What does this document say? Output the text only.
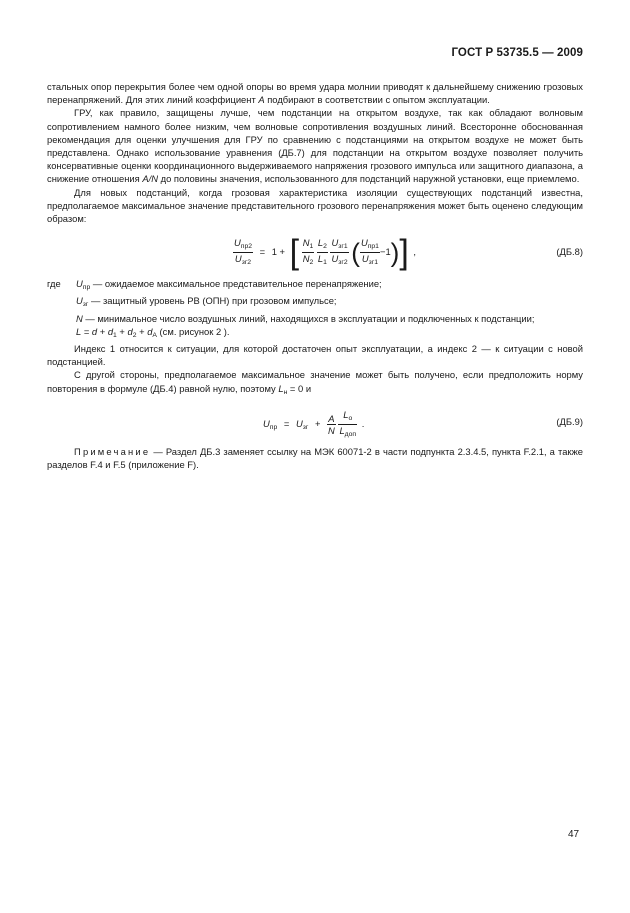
ГОСТ Р 53735.5 — 2009

стальных опор перекрытия более чем одной опоры во время удара молнии приводят к дальнейшему снижению грозовых перенапряжений. Для этих линий коэффициент A подбирают в соответствии с опытом эксплуатации.

ГРУ, как правило, защищены лучше, чем подстанции на открытом воздухе, так как обладают волновым сопротивлением намного более низким, чем волновые сопротивления воздушных линий. Всесторонне обоснованная рекомендация для оценки улучшения для ГРУ по сравнению с подстанциями на открытом воздухе не может быть представлена. Однако использование уравнения (ДБ.7) для подстанции на открытом воздухе позволяет получить консервативные оценки координационного выдерживаемого напряжения грозового импульса или защитного диапазона, а снижение отношения A/N до половины значения, использованного для подстанций наружной установки, еще приемлемо.

Для новых подстанций, когда грозовая характеристика изоляции существующих подстанций известна, предполагаемое максимальное значение представительного грозового перенапряжения может быть оценено следующим образом:

$\frac{U_{пр2}}{U_{зг2}} = 1$ + [ $\frac{N_1}{N_2}$
$\frac{L_2}{L_1}$
$\frac{U_{зг1}}{U_{зг2}}$ ( $\frac{U_{пр1}}{U_{зг1}} -1$)] ,	(ДБ.8)
где $U_{пр}$ — ожидаемое максимальное представительное перенапряжение;

$U_{зг}$ — защитный уровень РВ (ОПН) при грозовом импульсе;

N — минимальное число воздушных линий, находящихся в эксплуатации и подключенных к подстанции;

$L = d + d_1 + d_2 + d_A$ (см. рисунок 2 ).

Индекс 1 относится к ситуации, для которой достаточен опыт эксплуатации, а индекс 2 — к ситуации с новой подстанцией.

С другой стороны, предполагаемое максимальное значение может быть получено, если предположить норму повторения в формуле (ДБ.4) равной нулю, поэтому $L_н = 0$ и

$U_{пр} = U_{зг} + \frac{A}{N}$
$\frac{L_o}{L_{доп}}$ .	(ДБ.9)

Примечание — Раздел ДБ.3 заменяет ссылку на МЭК 60071-2 в части подпункта 2.3.4.5, пункта F.2.1, а также разделов F.4 и F.5 (приложение F).

47
